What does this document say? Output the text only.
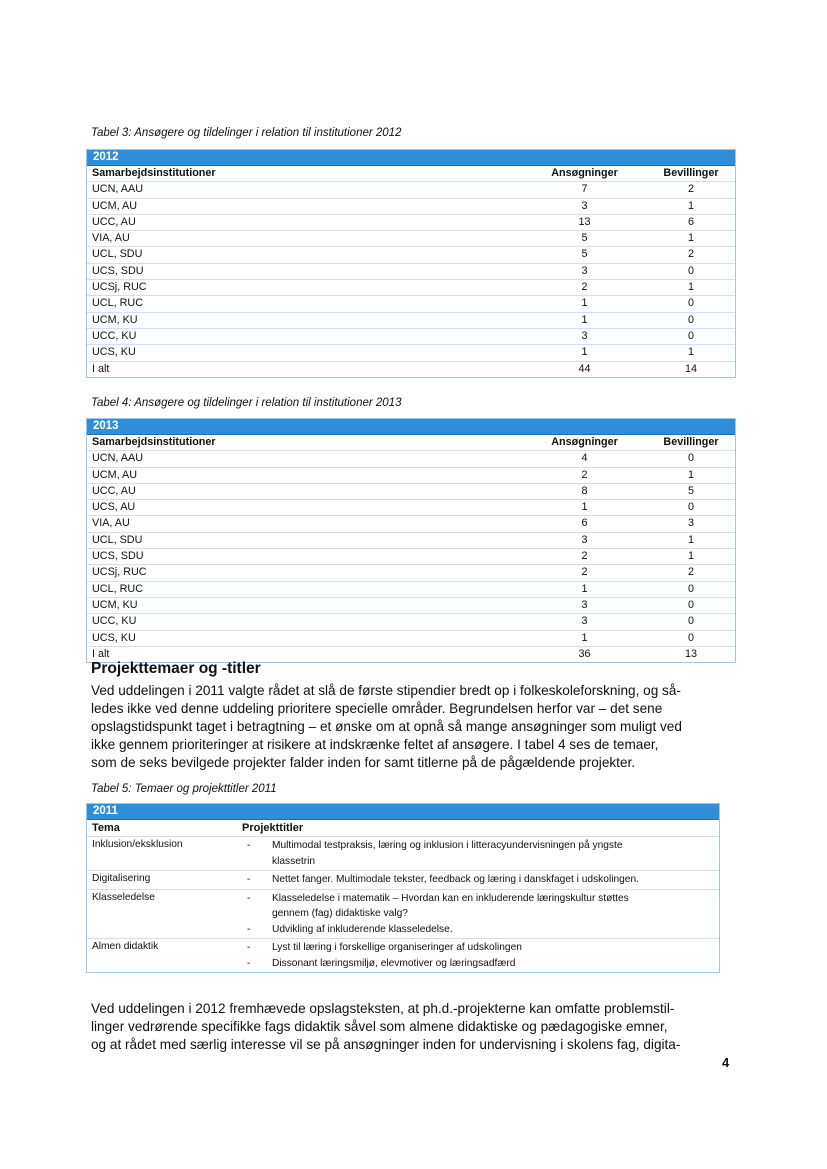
Tabel 3: Ansøgere og tildelinger i relation til institutioner 2012
2012
Samarbejdsinstitutioner	Ansøgninger	Bevillinger
UCN, AAU	7	2
UCM, AU	3	1
UCC, AU	13	6
VIA, AU	5	1
UCL, SDU	5	2
UCS, SDU	3	0
UCSj, RUC	2	1
UCL, RUC	1	0
UCM, KU	1	0
UCC, KU	3	0
UCS, KU	1	1
I alt	44	14
Tabel 4: Ansøgere og tildelinger i relation til institutioner 2013
2013
Samarbejdsinstitutioner	Ansøgninger	Bevillinger
UCN, AAU	4	0
UCM, AU	2	1
UCC, AU	8	5
UCS, AU	1	0
VIA, AU	6	3
UCL, SDU	3	1
UCS, SDU	2	1
UCSj, RUC	2	2
UCL, RUC	1	0
UCM, KU	3	0
UCC, KU	3	0
UCS, KU	1	0
I alt	36	13
Projekttemaer og -titler
Ved uddelingen i 2011 valgte rådet at slå de første stipendier bredt op i folkeskoleforskning, og så-
ledes ikke ved denne uddeling prioritere specielle områder. Begrundelsen herfor var – det sene
opslagstidspunkt taget i betragtning – et ønske om at opnå så mange ansøgninger som muligt ved
ikke gennem prioriteringer at risikere at indskrænke feltet af ansøgere. I tabel 4 ses de temaer,
som de seks bevilgede projekter falder inden for samt titlerne på de pågældende projekter.
Tabel 5: Temaer og projekttitler 2011
2011
Tema	Projekttitler
Inklusion/eksklusion	- Multimodal testpraksis, læring og inklusion i litteracyundervisningen på yngste
klassetrin
Digitalisering	- Nettet fanger. Multimodale tekster, feedback og læring i danskfaget i udskolingen.
Klasseledelse	- Klasseledelse i matematik – Hvordan kan en inkluderende læringskultur støttes
gennem (fag) didaktiske valg?
- Udvikling af inkluderende klasseledelse.
Almen didaktik	- Lyst til læring i forskellige organiseringer af udskolingen
- Dissonant læringsmiljø, elevmotiver og læringsadfærd
Ved uddelingen i 2012 fremhævede opslagsteksten, at ph.d.-projekterne kan omfatte problemstil-
linger vedrørende specifikke fags didaktik såvel som almene didaktiske og pædagogiske emner,
og at rådet med særlig interesse vil se på ansøgninger inden for undervisning i skolens fag, digita-
4
